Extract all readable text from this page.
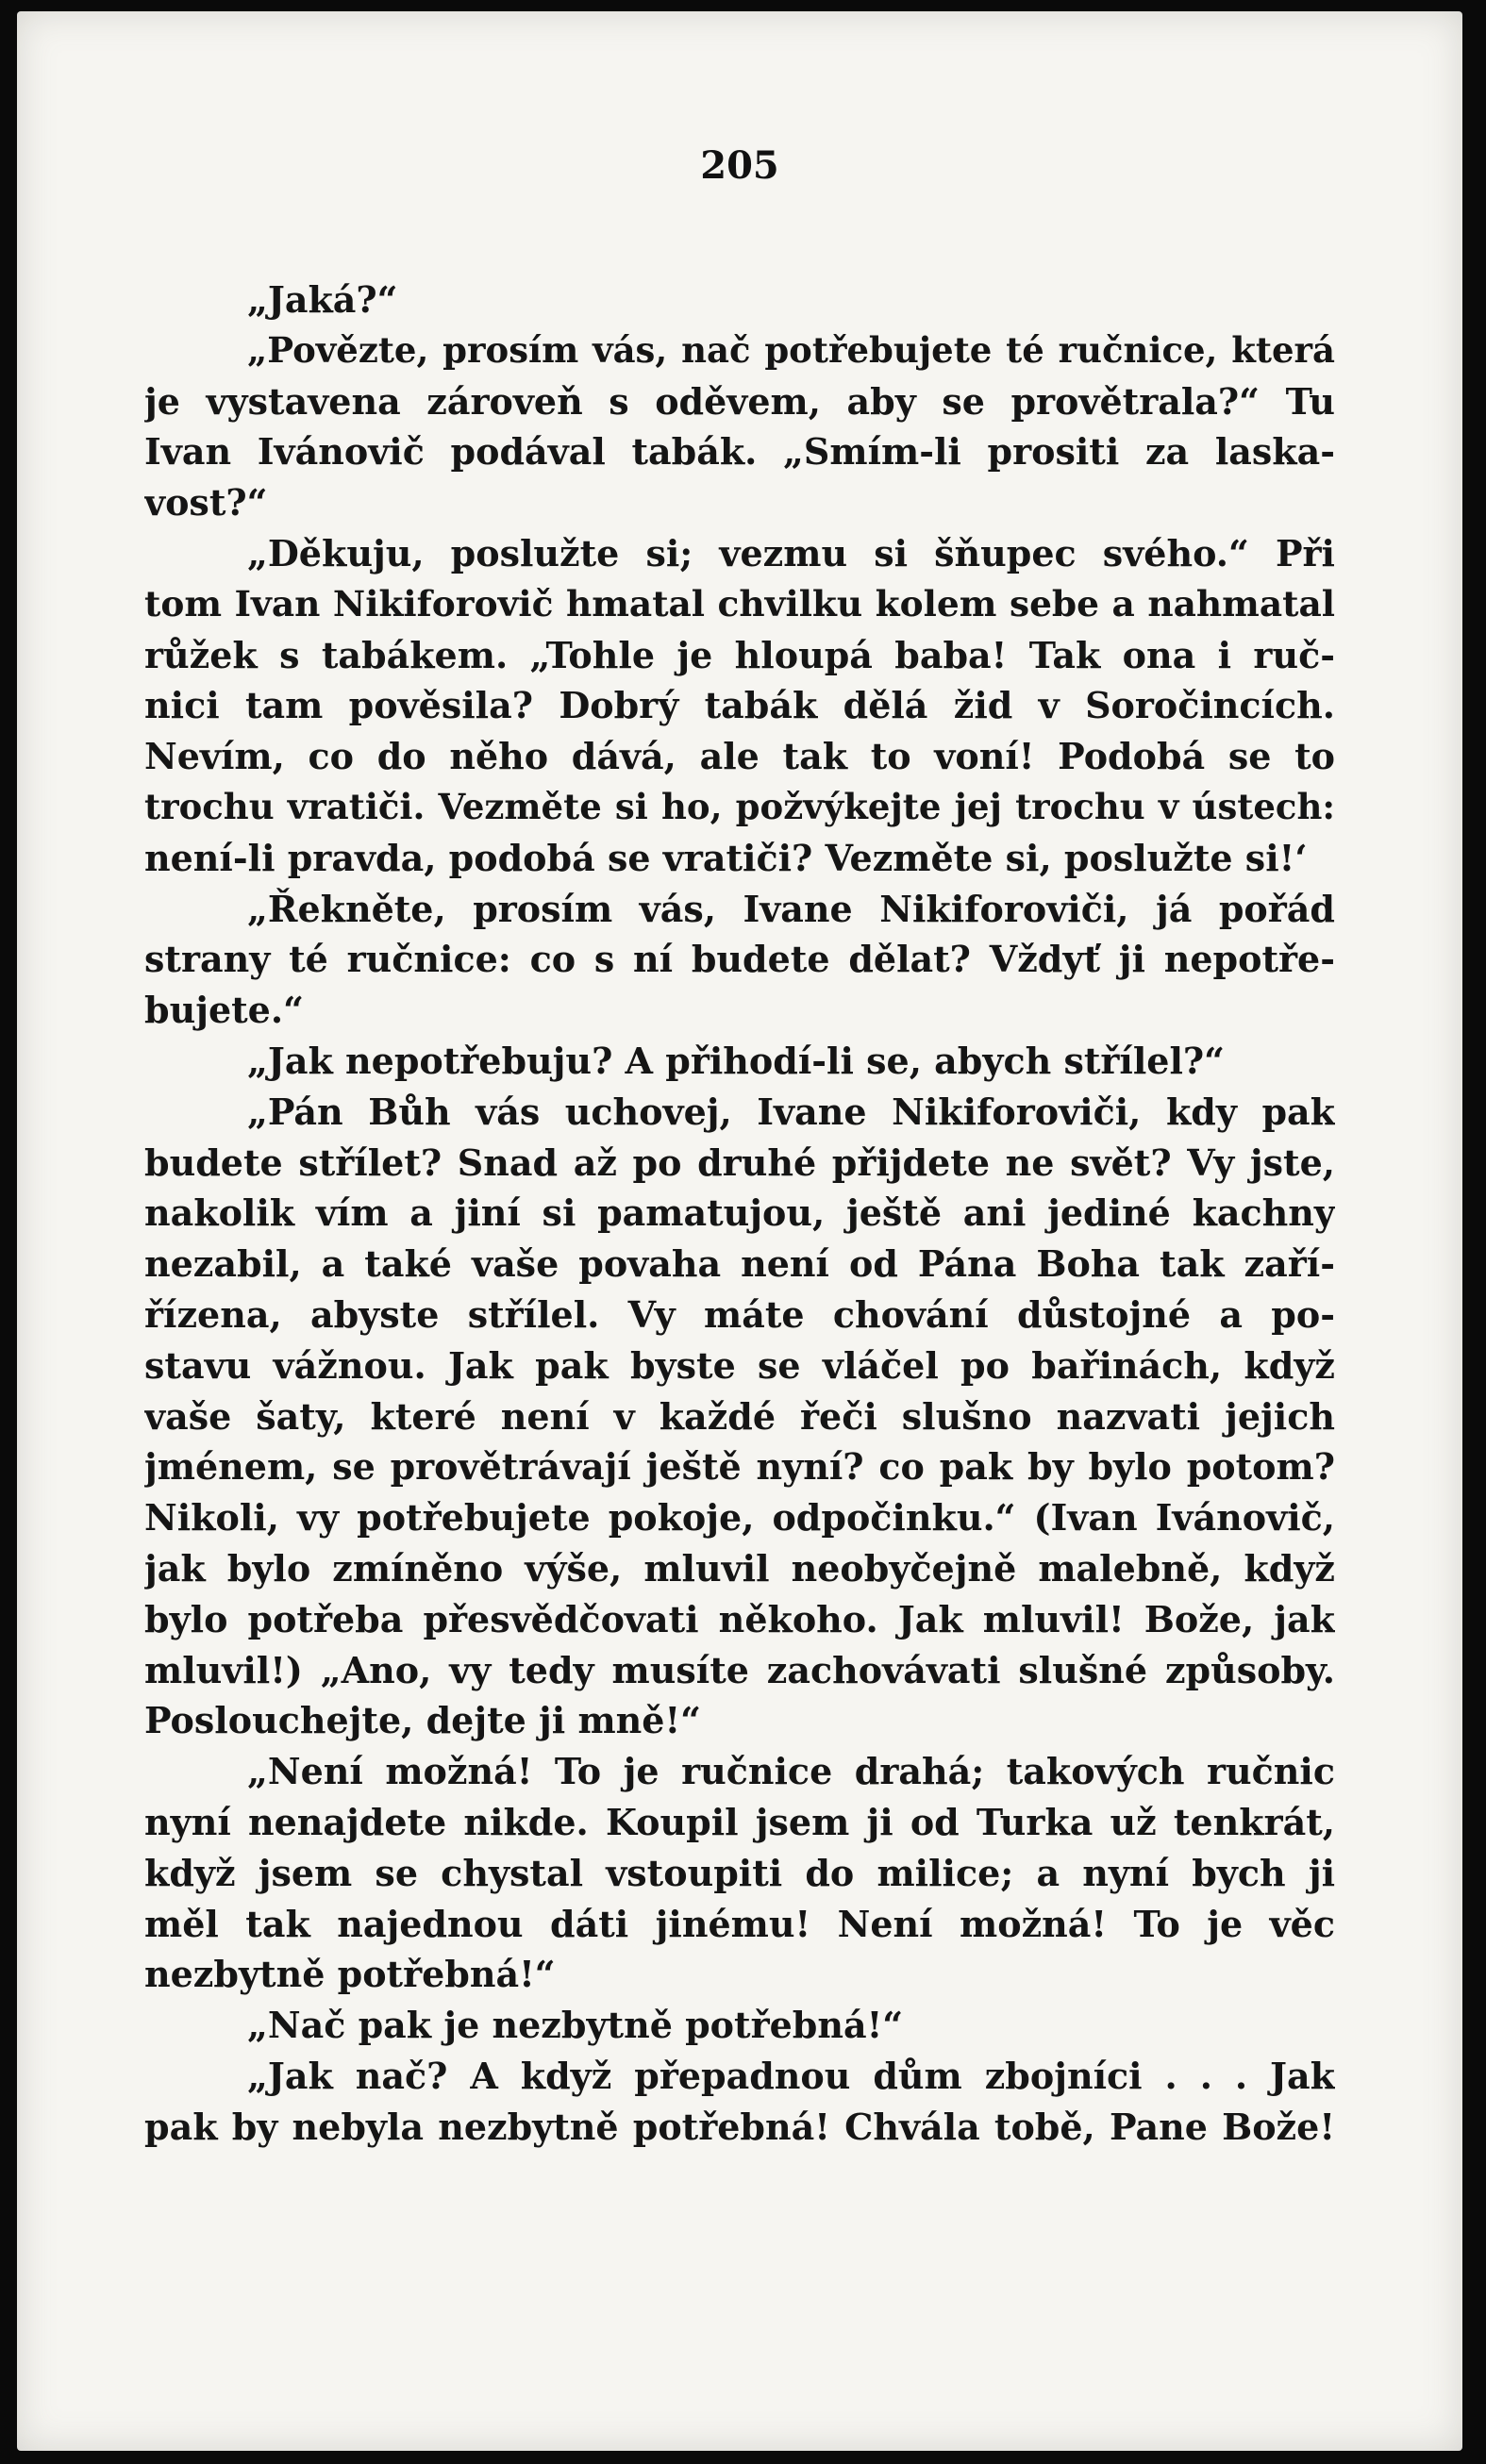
205
„Jaká?“
„Povězte, prosím vás, nač potřebujete té ručnice, která
je vystavena zároveň s oděvem, aby se provětrala?“ Tu
Ivan Ivánovič podával tabák. „Smím-li prositi za laska-
vost?“
„Děkuju, poslužte si; vezmu si šňupec svého.“ Při
tom Ivan Nikiforovič hmatal chvilku kolem sebe a nahmatal
růžek s tabákem. „Tohle je hloupá baba! Tak ona i ruč-
nici tam pověsila? Dobrý tabák dělá žid v Soročincích.
Nevím, co do něho dává, ale tak to voní! Podobá se to
trochu vratiči. Vezměte si ho, požvýkejte jej trochu v ústech:
není-li pravda, podobá se vratiči? Vezměte si, poslužte si!‘
„Řekněte, prosím vás, Ivane Nikiforoviči, já pořád
strany té ručnice: co s ní budete dělat? Vždyť ji nepotře-
bujete.“
„Jak nepotřebuju? A přihodí-li se, abych střílel?“
„Pán Bůh vás uchovej, Ivane Nikiforoviči, kdy pak
budete střílet? Snad až po druhé přijdete ne svět? Vy jste,
nakolik vím a jiní si pamatujou, ještě ani jediné kachny
nezabil, a také vaše povaha není od Pána Boha tak zaří-
řízena, abyste střílel. Vy máte chování důstojné a po-
stavu vážnou. Jak pak byste se vláčel po bařinách, když
vaše šaty, které není v každé řeči slušno nazvati jejich
jménem, se provětrávají ještě nyní? co pak by bylo potom?
Nikoli, vy potřebujete pokoje, odpočinku.“ (Ivan Ivánovič,
jak bylo zmíněno výše, mluvil neobyčejně malebně, když
bylo potřeba přesvědčovati někoho. Jak mluvil! Bože, jak
mluvil!) „Ano, vy tedy musíte zachovávati slušné způsoby.
Poslouchejte, dejte ji mně!“
„Není možná! To je ručnice drahá; takových ručnic
nyní nenajdete nikde. Koupil jsem ji od Turka už tenkrát,
když jsem se chystal vstoupiti do milice; a nyní bych ji
měl tak najednou dáti jinému! Není možná! To je věc
nezbytně potřebná!“
„Nač pak je nezbytně potřebná!“
„Jak nač? A když přepadnou dům zbojníci . . . Jak
pak by nebyla nezbytně potřebná! Chvála tobě, Pane Bože!
